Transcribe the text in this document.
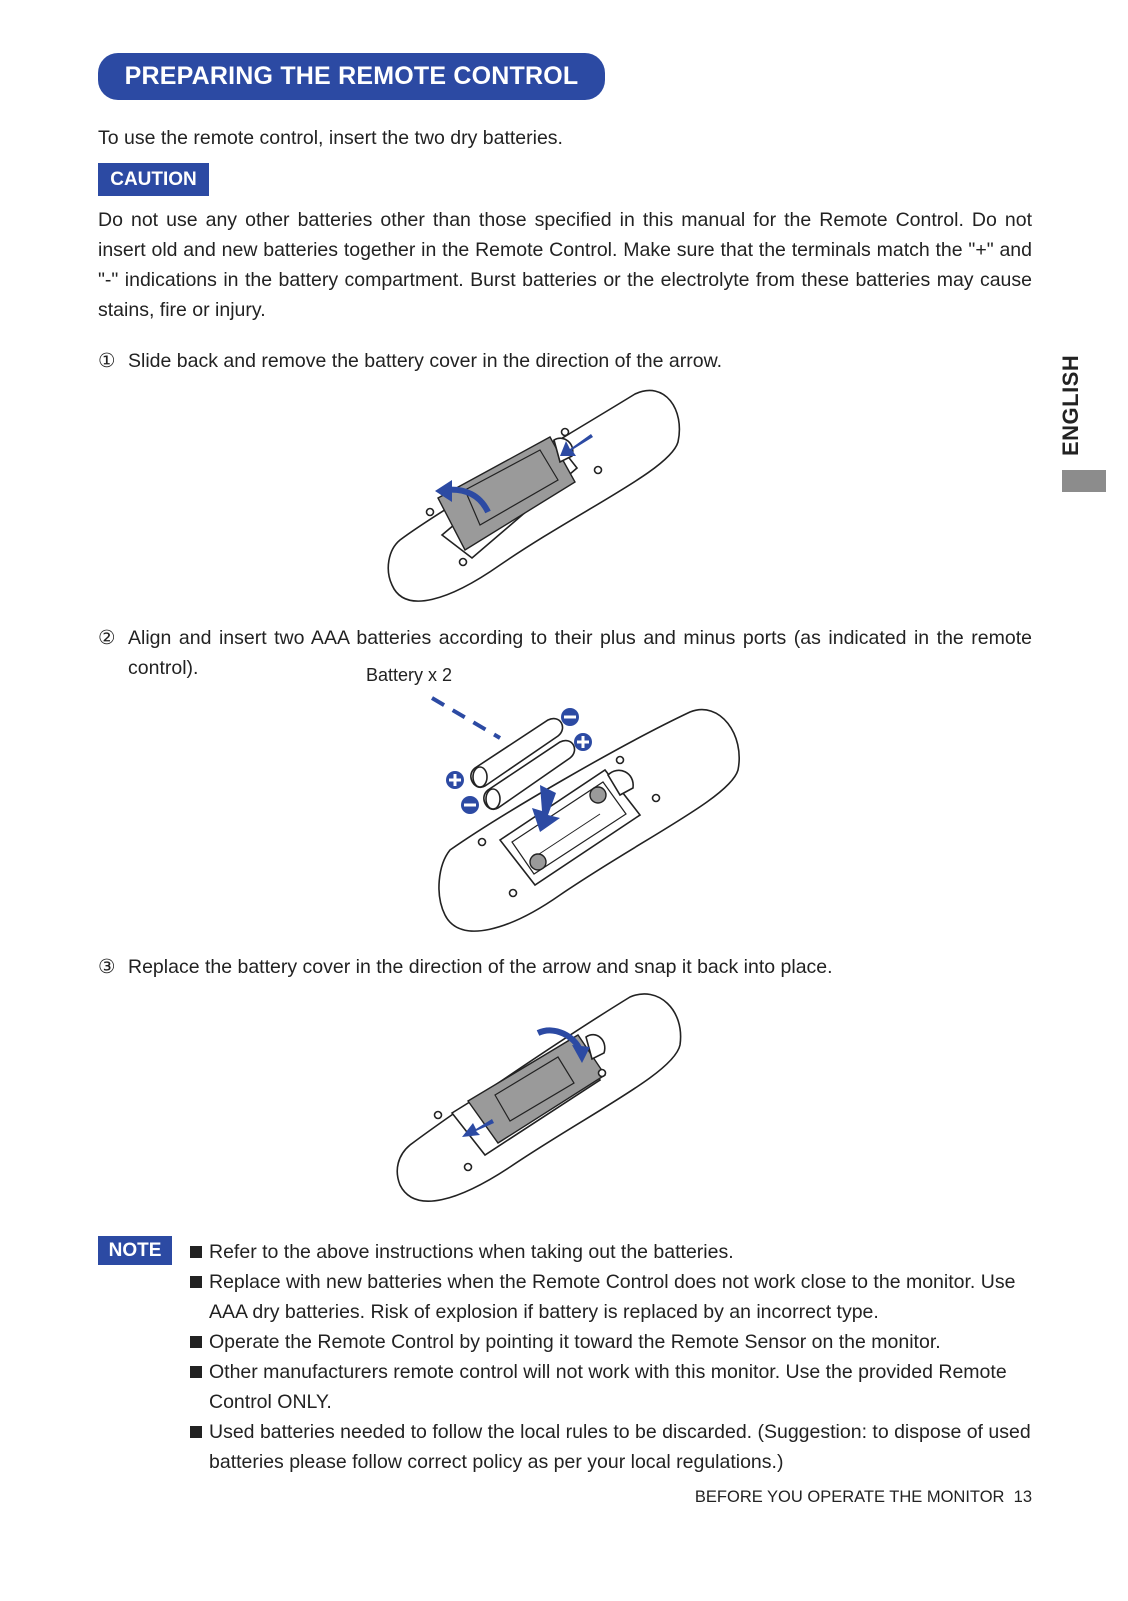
PREPARING THE REMOTE CONTROL
To use the remote control, insert the two dry batteries.
CAUTION
Do not use any other batteries other than those specified in this manual for the Remote Control. Do not insert old and new batteries together in the Remote Control. Make sure that the terminals match the "+" and "-" indications in the battery compartment. Burst batteries or the electrolyte from these batteries may cause stains, fire or injury.
ENGLISH
① Slide back and remove the battery cover in the direction of the arrow.
② Align and insert two AAA batteries according to their plus and minus ports (as indicated in the remote control).	Battery x 2
③ Replace the battery cover in the direction of the arrow and snap it back into place.
NOTE	Refer to the above instructions when taking out the batteries.
Replace with new batteries when the Remote Control does not work close to the monitor. Use AAA dry batteries. Risk of explosion if battery is replaced by an incorrect type.
Operate the Remote Control by pointing it toward the Remote Sensor on the monitor.
Other manufacturers remote control will not work with this monitor. Use the provided Remote Control ONLY.
Used batteries needed to follow the local rules to be discarded. (Suggestion: to dispose of used batteries please follow correct policy as per your local regulations.)
BEFORE YOU OPERATE THE MONITOR 13
